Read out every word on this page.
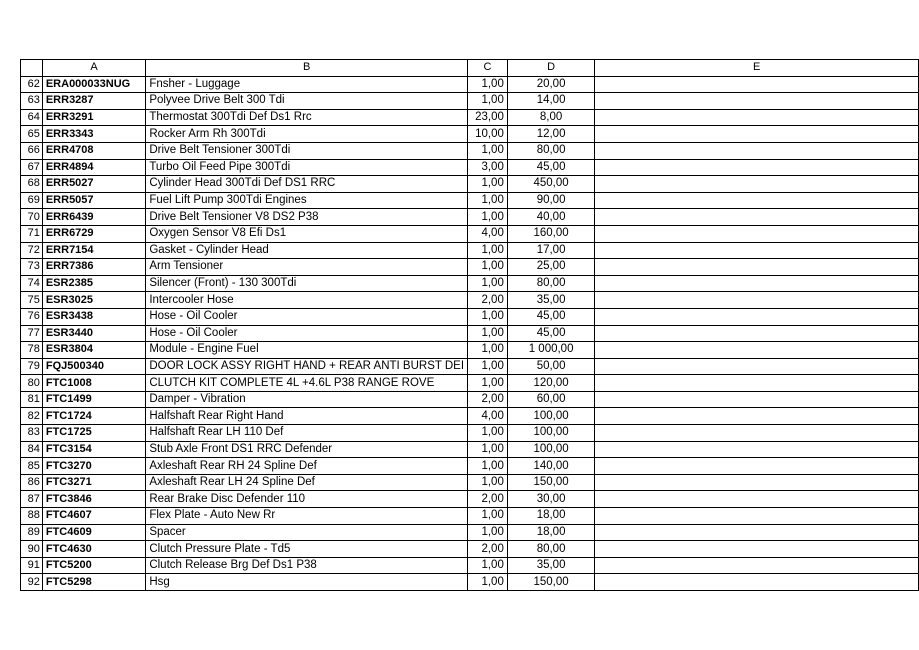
	A	B	C	D	E
62	ERA000033NUG	Fnsher - Luggage	1,00	20,00	
63	ERR3287	Polyvee Drive Belt 300 Tdi	1,00	14,00	
64	ERR3291	Thermostat 300Tdi Def Ds1 Rrc	23,00	8,00	
65	ERR3343	Rocker Arm Rh 300Tdi	10,00	12,00	
66	ERR4708	Drive Belt Tensioner 300Tdi	1,00	80,00	
67	ERR4894	Turbo Oil Feed Pipe 300Tdi	3,00	45,00	
68	ERR5027	Cylinder Head 300Tdi Def DS1 RRC	1,00	450,00	
69	ERR5057	Fuel Lift Pump 300Tdi Engines	1,00	90,00	
70	ERR6439	Drive Belt Tensioner V8 DS2 P38	1,00	40,00	
71	ERR6729	Oxygen Sensor V8 Efi Ds1	4,00	160,00	
72	ERR7154	Gasket - Cylinder Head	1,00	17,00	
73	ERR7386	Arm Tensioner	1,00	25,00	
74	ESR2385	Silencer (Front) - 130 300Tdi	1,00	80,00	
75	ESR3025	Intercooler Hose	2,00	35,00	
76	ESR3438	Hose - Oil Cooler	1,00	45,00	
77	ESR3440	Hose - Oil Cooler	1,00	45,00	
78	ESR3804	Module - Engine Fuel	1,00	1 000,00	
79	FQJ500340	DOOR LOCK ASSY RIGHT HAND + REAR ANTI BURST DEI	1,00	50,00	
80	FTC1008	CLUTCH KIT COMPLETE 4L +4.6L P38 RANGE ROVE	1,00	120,00	
81	FTC1499	Damper - Vibration	2,00	60,00	
82	FTC1724	Halfshaft Rear Right Hand	4,00	100,00	
83	FTC1725	Halfshaft Rear LH 110 Def	1,00	100,00	
84	FTC3154	Stub Axle Front DS1 RRC Defender	1,00	100,00	
85	FTC3270	Axleshaft Rear RH 24 Spline Def	1,00	140,00	
86	FTC3271	Axleshaft Rear LH 24 Spline Def	1,00	150,00	
87	FTC3846	Rear Brake Disc Defender 110	2,00	30,00	
88	FTC4607	Flex Plate - Auto New Rr	1,00	18,00	
89	FTC4609	Spacer	1,00	18,00	
90	FTC4630	Clutch Pressure Plate - Td5	2,00	80,00	
91	FTC5200	Clutch Release Brg Def Ds1 P38	1,00	35,00	
92	FTC5298	Hsg	1,00	150,00	
